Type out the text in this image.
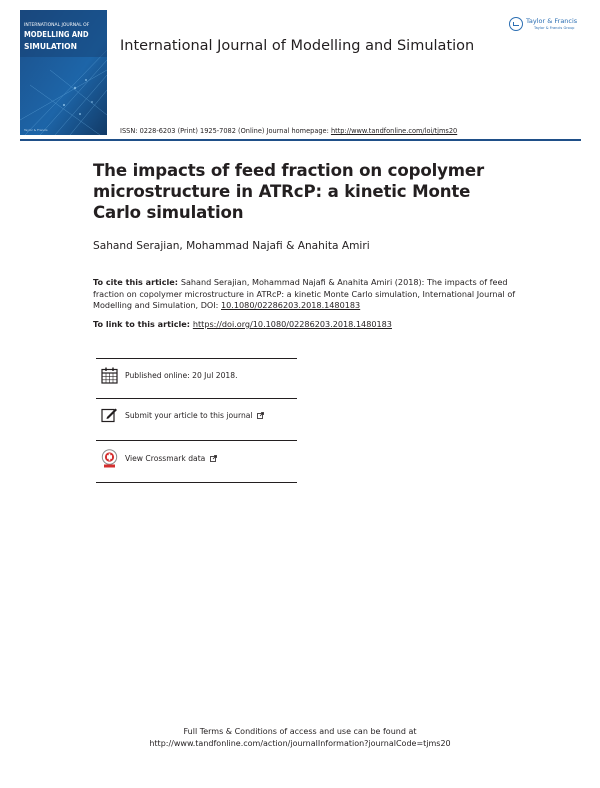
INTERNATIONAL JOURNAL OF
MODELLING AND
SIMULATION
Taylor & Francis
International Journal of Modelling and Simulation
Taylor & Francis
Taylor & Francis Group
ISSN: 0228-6203 (Print) 1925-7082 (Online) Journal homepage: http://www.tandfonline.com/loi/tjms20
The impacts of feed fraction on copolymer microstructure in ATRcP: a kinetic Monte Carlo simulation
Sahand Serajian, Mohammad Najafi & Anahita Amiri
To cite this article: Sahand Serajian, Mohammad Najafi & Anahita Amiri (2018): The impacts of feed fraction on copolymer microstructure in ATRcP: a kinetic Monte Carlo simulation, International Journal of Modelling and Simulation, DOI: 10.1080/02286203.2018.1480183
To link to this article: https://doi.org/10.1080/02286203.2018.1480183
Published online: 20 Jul 2018.
Submit your article to this journal
View Crossmark data
Full Terms & Conditions of access and use can be found at
http://www.tandfonline.com/action/journalInformation?journalCode=tjms20
